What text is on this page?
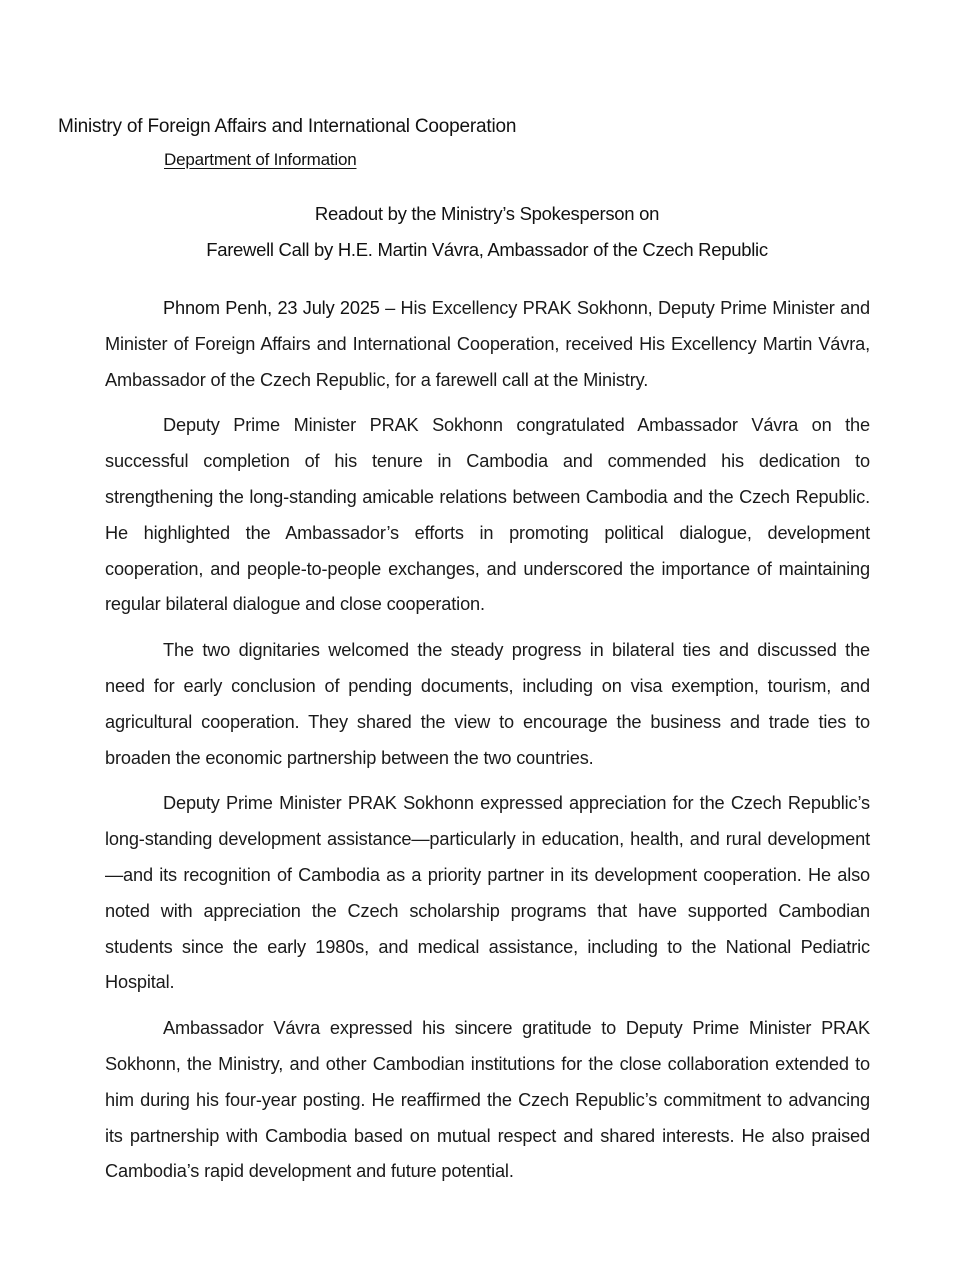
Ministry of Foreign Affairs and International Cooperation
Department of Information
Readout by the Ministry’s Spokesperson on
Farewell Call by H.E. Martin Vávra, Ambassador of the Czech Republic

Phnom Penh, 23 July 2025 – His Excellency PRAK Sokhonn, Deputy Prime Minister and Minister of Foreign Affairs and International Cooperation, received His Excellency Martin Vávra, Ambassador of the Czech Republic, for a farewell call at the Ministry.

Deputy Prime Minister PRAK Sokhonn congratulated Ambassador Vávra on the successful completion of his tenure in Cambodia and commended his dedication to strengthening the long-standing amicable relations between Cambodia and the Czech Republic. He highlighted the Ambassador’s efforts in promoting political dialogue, development cooperation, and people-to-people exchanges, and underscored the importance of maintaining regular bilateral dialogue and close cooperation.

The two dignitaries welcomed the steady progress in bilateral ties and discussed the need for early conclusion of pending documents, including on visa exemption, tourism, and agricultural cooperation. They shared the view to encourage the business and trade ties to broaden the economic partnership between the two countries.

Deputy Prime Minister PRAK Sokhonn expressed appreciation for the Czech Republic’s long-standing development assistance—particularly in education, health, and rural development—and its recognition of Cambodia as a priority partner in its development cooperation. He also noted with appreciation the Czech scholarship programs that have supported Cambodian students since the early 1980s, and medical assistance, including to the National Pediatric Hospital.

Ambassador Vávra expressed his sincere gratitude to Deputy Prime Minister PRAK Sokhonn, the Ministry, and other Cambodian institutions for the close collaboration extended to him during his four-year posting. He reaffirmed the Czech Republic’s commitment to advancing its partnership with Cambodia based on mutual respect and shared interests. He also praised Cambodia’s rapid development and future potential.
